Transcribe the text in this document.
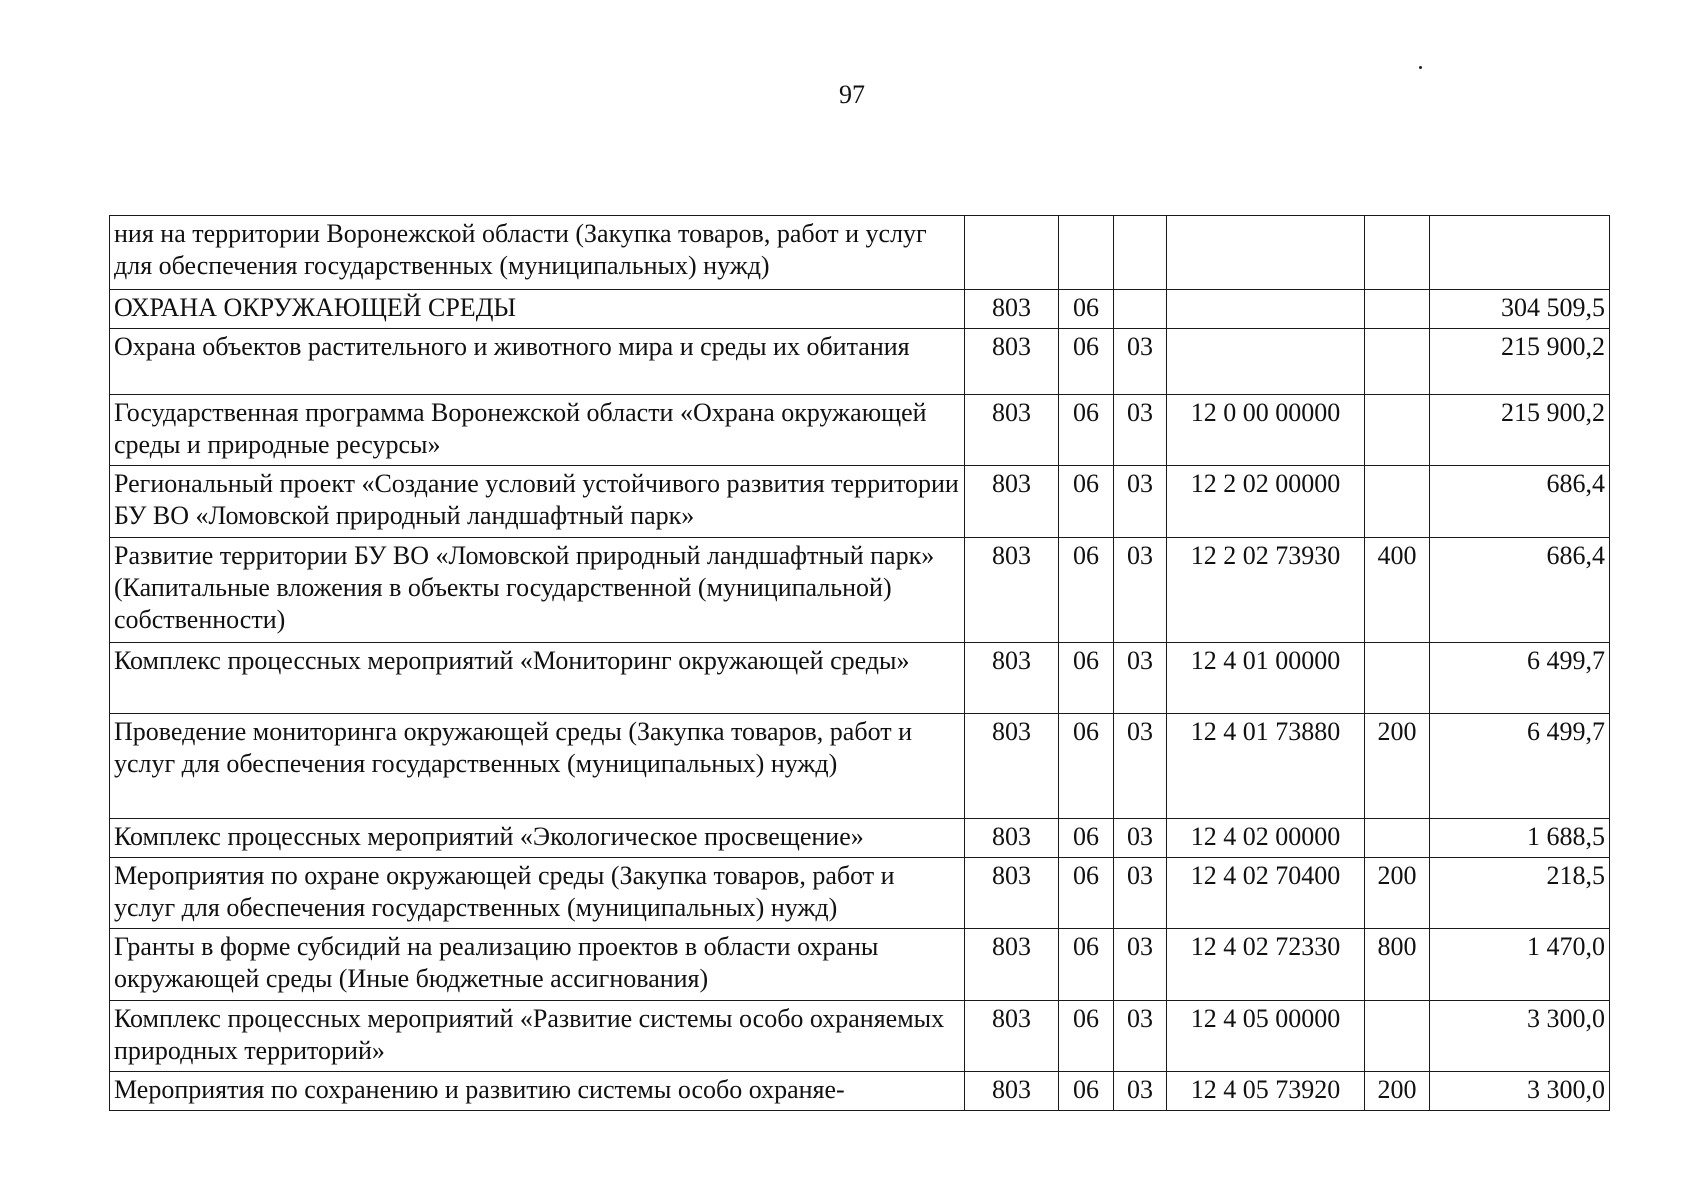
97
ния на территории Воронежской области (Закупка товаров, работ и услуг для обеспечения государственных (муниципальных) нужд)						
ОХРАНА ОКРУЖАЮЩЕЙ СРЕДЫ	803	06				304 509,5
Охрана объектов растительного и животного мира и среды их обитания	803	06	03			215 900,2
Государственная программа Воронежской области «Охрана окружающей среды и природные ресурсы»	803	06	03	12 0 00 00000		215 900,2
Региональный проект «Создание условий устойчивого развития территории БУ ВО «Ломовской природный ландшафтный парк»	803	06	03	12 2 02 00000		686,4
Развитие территории БУ ВО «Ломовской природный ландшафтный парк» (Капитальные вложения в объекты государственной (муниципальной) собственности)	803	06	03	12 2 02 73930	400	686,4
Комплекс процессных мероприятий «Мониторинг окружающей среды»	803	06	03	12 4 01 00000		6 499,7
Проведение мониторинга окружающей среды (Закупка товаров, работ и услуг для обеспечения государственных (муниципальных) нужд)	803	06	03	12 4 01 73880	200	6 499,7
Комплекс процессных мероприятий «Экологическое просвещение»	803	06	03	12 4 02 00000		1 688,5
Мероприятия по охране окружающей среды (Закупка товаров, работ и услуг для обеспечения государственных (муниципальных) нужд)	803	06	03	12 4 02 70400	200	218,5
Гранты в форме субсидий на реализацию проектов в области охраны окружающей среды (Иные бюджетные ассигнования)	803	06	03	12 4 02 72330	800	1 470,0
Комплекс процессных мероприятий «Развитие системы особо охраняемых природных территорий»	803	06	03	12 4 05 00000		3 300,0
Мероприятия по сохранению и развитию системы особо охраняе-	803	06	03	12 4 05 73920	200	3 300,0
